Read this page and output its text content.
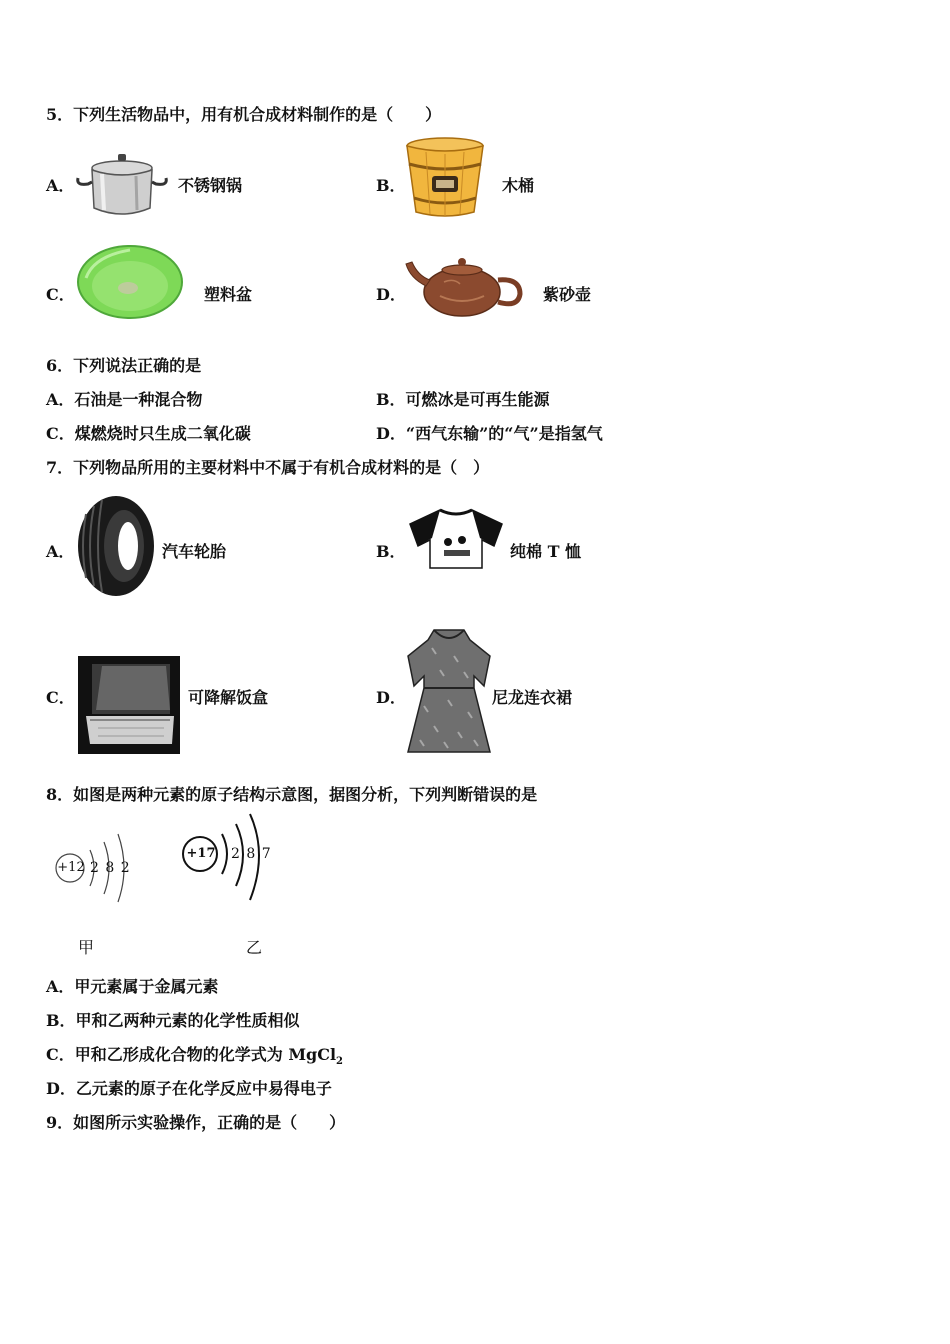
5．下列生活物品中，用有机合成材料制作的是（　　）
A．	不锈钢锅	B．	木桶
C．	塑料盆	D．	紫砂壶
6．下列说法正确的是
A．石油是一种混合物	B．可燃冰是可再生能源
C．煤燃烧时只生成二氧化碳	D．“西气东输”的“气”是指氢气
7．下列物品所用的主要材料中不属于有机合成材料的是（　）
A．	汽车轮胎	B．	纯棉 T 恤
C．	可降解饭盒	D．	尼龙连衣裙
8．如图是两种元素的原子结构示意图，据图分析，下列判断错误的是
+12 2 8 2
甲
+17 2 8 7
乙
A．甲元素属于金属元素
B．甲和乙两种元素的化学性质相似
C．甲和乙形成化合物的化学式为 MgCl$_2$
D．乙元素的原子在化学反应中易得电子
9．如图所示实验操作，正确的是（　　）
